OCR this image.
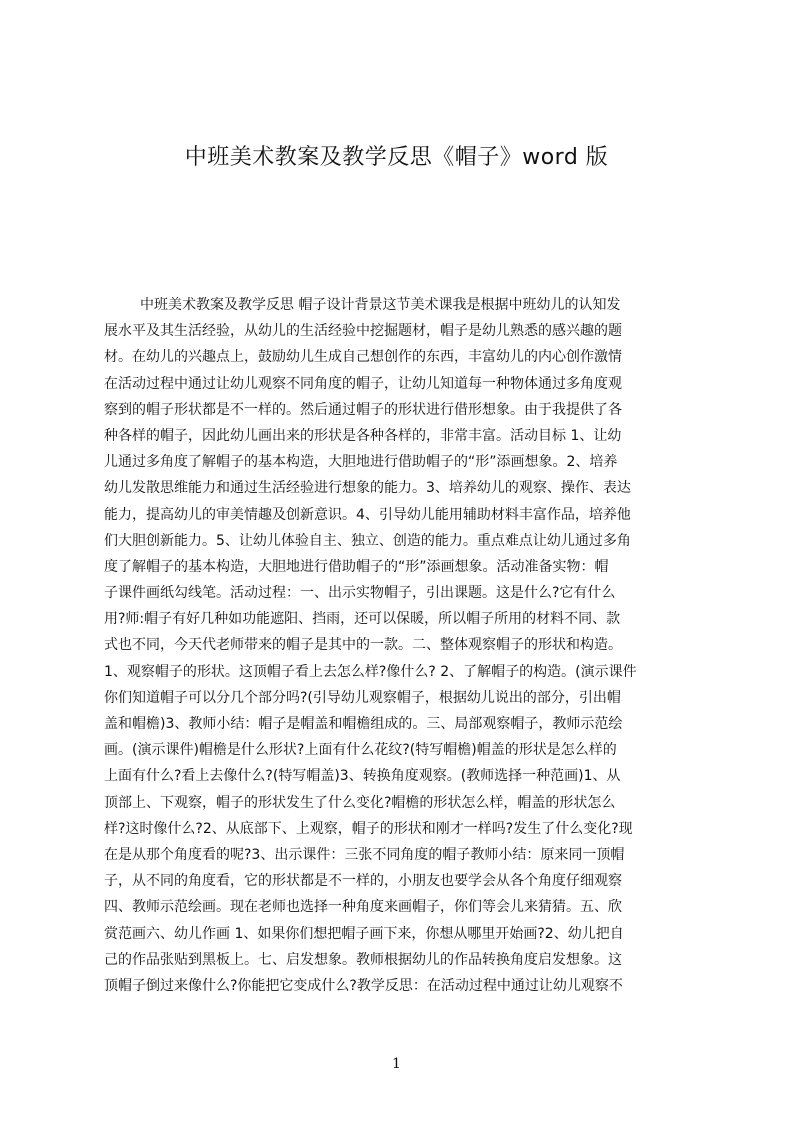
中班美术教案及教学反思《帽子》word 版
中班美术教案及教学反思 帽子设计背景这节美术课我是根据中班幼儿的认知发
展水平及其生活经验，从幼儿的生活经验中挖掘题材，帽子是幼儿熟悉的感兴趣的题
材。在幼儿的兴趣点上，鼓励幼儿生成自己想创作的东西，丰富幼儿的内心创作激情
在活动过程中通过让幼儿观察不同角度的帽子，让幼儿知道每一种物体通过多角度观
察到的帽子形状都是不一样的。然后通过帽子的形状进行借形想象。由于我提供了各
种各样的帽子，因此幼儿画出来的形状是各种各样的，非常丰富。活动目标 1、让幼
儿通过多角度了解帽子的基本构造，大胆地进行借助帽子的“形”添画想象。2、培养
幼儿发散思维能力和通过生活经验进行想象的能力。3、培养幼儿的观察、操作、表达
能力，提高幼儿的审美情趣及创新意识。4、引导幼儿能用辅助材料丰富作品，培养他
们大胆创新能力。5、让幼儿体验自主、独立、创造的能力。重点难点让幼儿通过多角
度了解帽子的基本构造，大胆地进行借助帽子的“形”添画想象。活动准备实物：帽
子课件画纸勾线笔。活动过程：一、出示实物帽子，引出课题。这是什么?它有什么
用?师:帽子有好几种如功能遮阳、挡雨，还可以保暖，所以帽子所用的材料不同、款
式也不同，今天代老师带来的帽子是其中的一款。二、整体观察帽子的形状和构造。
1、观察帽子的形状。这顶帽子看上去怎么样?像什么? 2、了解帽子的构造。(演示课件
你们知道帽子可以分几个部分吗?(引导幼儿观察帽子，根据幼儿说出的部分，引出帽
盖和帽檐)3、教师小结：帽子是帽盖和帽檐组成的。三、局部观察帽子，教师示范绘
画。(演示课件)帽檐是什么形状?上面有什么花纹?(特写帽檐)帽盖的形状是怎么样的
上面有什么?看上去像什么?(特写帽盖)3、转换角度观察。(教师选择一种范画)1、从
顶部上、下观察，帽子的形状发生了什么变化?帽檐的形状怎么样，帽盖的形状怎么
样?这时像什么?2、从底部下、上观察，帽子的形状和刚才一样吗?发生了什么变化?现
在是从那个角度看的呢?3、出示课件：三张不同角度的帽子教师小结：原来同一顶帽
子，从不同的角度看，它的形状都是不一样的，小朋友也要学会从各个角度仔细观察
四、教师示范绘画。现在老师也选择一种角度来画帽子，你们等会儿来猜猜。五、欣
赏范画六、幼儿作画 1、如果你们想把帽子画下来，你想从哪里开始画?2、幼儿把自
己的作品张贴到黑板上。七、启发想象。教师根据幼儿的作品转换角度启发想象。这
顶帽子倒过来像什么?你能把它变成什么?教学反思：在活动过程中通过让幼儿观察不
1
